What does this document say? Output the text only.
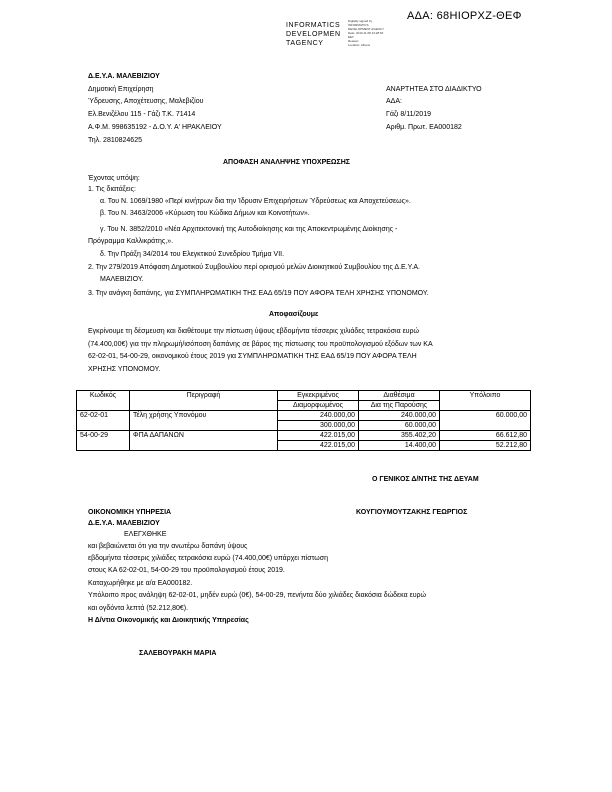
INFORMATICS
DEVELOPMEN
TAGENCY
Digitally signed by
INFORMATICS
DEVELOPMENT AGENCY
Date: 2019.11.08 13:28:52
EET
Reason:
Location: Athens
ΑΔΑ: 68ΗΙΟΡΧΖ-ΘΕΦ
Δ.Ε.Υ.Α. ΜΑΛΕΒΙΖΙΟΥ
Δημοτική Επιχείρηση
Ύδρευσης, Αποχέτευσης, Μαλεβιζίου
Ελ.Βενιζέλου 115 - Γάζι Τ.Κ. 71414
Α.Φ.Μ. 998635192 - Δ.Ο.Υ. Α' ΗΡΑΚΛΕΙΟΥ
Τηλ. 2810824625
ΑΝΑΡΤΗΤΕΑ ΣΤΟ ΔΙΑΔΙΚΤΥΟ
ΑΔΑ:
Γάζι 8/11/2019
Αριθμ. Πρωτ. ΕΑ000182
ΑΠΟΦΑΣΗ ΑΝΑΛΗΨΗΣ ΥΠΟΧΡΕΩΣΗΣ
Έχοντας υπόψη:
1. Τις διατάξεις:
α. Του Ν. 1069/1980 «Περί κινήτρων δια την Ίδρυσιν Επιχειρήσεων Ύδρεύσεως και Αποχετεύσεως».
β. Του Ν. 3463/2006 «Κύρωση του Κώδικα Δήμων και Κοινοτήτων».
γ. Του Ν. 3852/2010 «Νέα Αρχιτεκτονική της Αυτοδιοίκησης και της Αποκεντρωμένης Διοίκησης -
Πρόγραμμα Καλλικράτης,».
δ. Την Πράξη 34/2014 του Ελεγκτικού Συνεδρίου Τμήμα VII.
2. Την 279/2019 Απόφαση Δημοτικού Συμβουλίου περί ορισμού μελών Διοικητικού Συμβουλίου της Δ.Ε.Υ.Α.
ΜΑΛΕΒΙΖΙΟΥ.
3. Την ανάγκη δαπάνης, για ΣΥΜΠΛΗΡΩΜΑΤΙΚΗ ΤΗΣ ΕΑΔ 65/19 ΠΟΥ ΑΦΟΡΑ ΤΕΛΗ ΧΡΗΣΗΣ ΥΠΟΝΟΜΟΥ.
Αποφασίζουμε
Εγκρίνουμε τη δέσμευση και διαθέτουμε την πίστωση ύψους εβδομήντα τέσσερις χιλιάδες τετρακόσια ευρώ
(74.400,00€) για την πληρωμή/ισόποση δαπάνης σε βάρος της πίστωσης του προϋπολογισμού εξόδων των ΚΑ
62-02-01, 54-00-29, οικονομικού έτους 2019 για ΣΥΜΠΛΗΡΩΜΑΤΙΚΗ ΤΗΣ ΕΑΔ 65/19 ΠΟΥ ΑΦΟΡΑ ΤΕΛΗ
ΧΡΗΣΗΣ ΥΠΟΝΟΜΟΥ.
Κωδικός	Περιγραφή	Εγκεκριμένος	Διαθέσιμα	Υπόλοιπο
		Διαμορφωμένος	Δια της Παρούσης	
62-02-01	Τέλη χρήσης Υπονόμου	240.000,00	240.000,00	60.000,00
		300.000,00	60.000,00	
54-00-29	ΦΠΑ ΔΑΠΑΝΩΝ	422.015,00	355.402,20	66.612,80
		422.015,00	14.400,00	52.212,80
Ο ΓΕΝΙΚΟΣ Δ/ΝΤΗΣ ΤΗΣ ΔΕΥΑΜ
ΟΙΚΟΝΟΜΙΚΗ ΥΠΗΡΕΣΙΑ
Δ.Ε.Υ.Α. ΜΑΛΕΒΙΖΙΟΥ
ΚΟΥΓΙΟΥΜΟΥΤΖΑΚΗΣ ΓΕΩΡΓΙΟΣ
ΕΛΕΓΧΘΗΚΕ
και βεβαιώνεται ότι για την ανωτέρω δαπάνη ύψους
εβδομήντα τέσσερις χιλιάδες τετρακόσια ευρώ (74.400,00€) υπάρχει πίστωση
στους ΚΑ 62-02-01, 54-00-29 του προϋπολογισμού έτους 2019.
Καταχωρήθηκε με α/α ΕΑ000182.
Υπόλοιπο προς ανάληψη 62-02-01, μηδέν ευρώ (0€), 54-00-29, πενήντα δύο χιλιάδες διακόσια δώδεκα ευρώ
και ογδόντα λεπτά (52.212,80€).
Η Δ/ντια Οικονομικής και Διοικητικής Υπηρεσίας
ΣΑΛΕΒΟΥΡΑΚΗ ΜΑΡΙΑ
